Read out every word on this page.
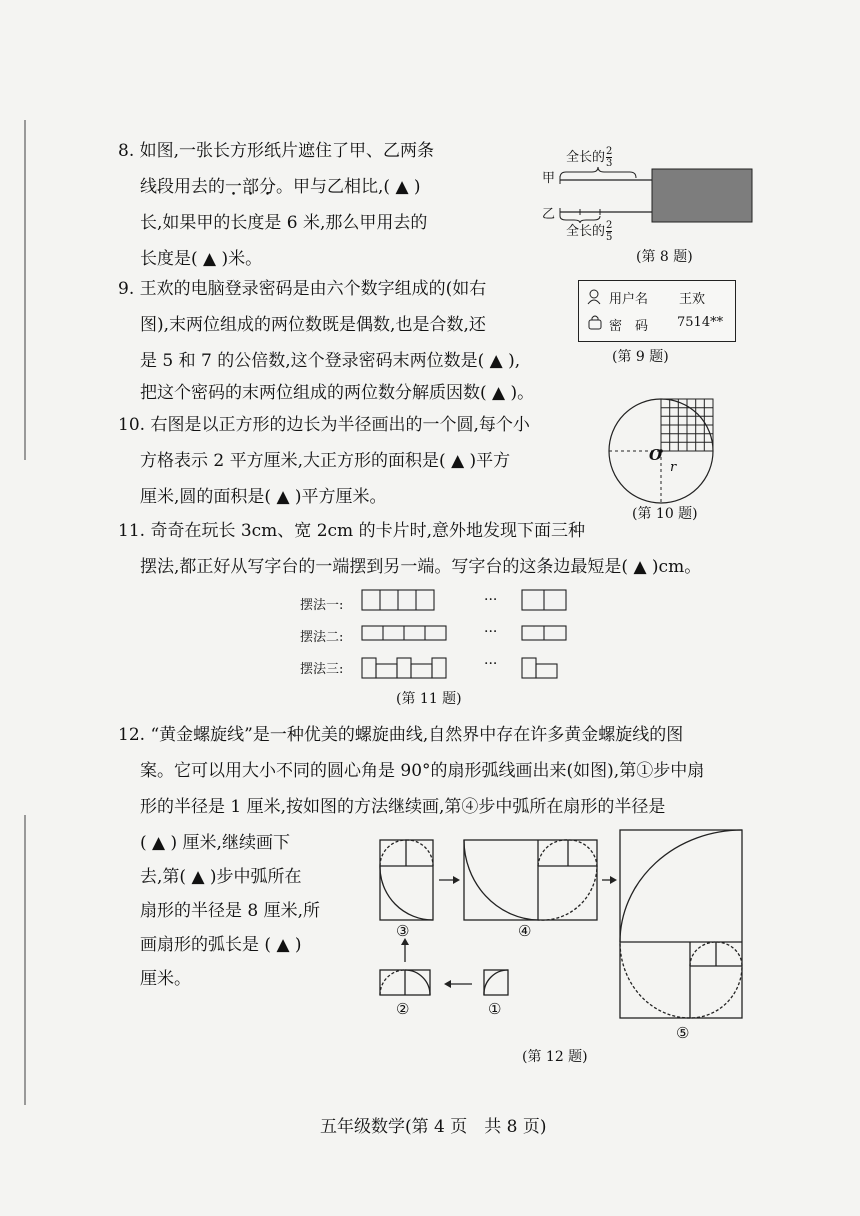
8. 如图,一张长方形纸片遮住了甲、乙两条
线段用去的一部分。甲与乙相比,( ▲ )
长,如果甲的长度是 6 米,那么甲用去的
长度是( ▲ )米。
全长的 $\frac{2}{3}$
甲
乙
全长的 $\frac{2}{5}$
(第 8 题)
9. 王欢的电脑登录密码是由六个数字组成的(如右
图),末两位组成的两位数既是偶数,也是合数,还
是 5 和 7 的公倍数,这个登录密码末两位数是( ▲ ),
把这个密码的末两位组成的两位数分解质因数( ▲ )。
用户名 王欢
密　码 7514**
(第 9 题)
10. 右图是以正方形的边长为半径画出的一个圆,每个小
方格表示 2 平方厘米,大正方形的面积是( ▲ )平方
厘米,圆的面积是( ▲ )平方厘米。
O
r
(第 10 题)
11. 奇奇在玩长 3cm、宽 2cm 的卡片时,意外地发现下面三种
摆法,都正好从写字台的一端摆到另一端。写字台的这条边最短是( ▲ )cm。
摆法一:
摆法二:
摆法三:
···
···
···
(第 11 题)
12. “黄金螺旋线”是一种优美的螺旋曲线,自然界中存在许多黄金螺旋线的图
案。它可以用大小不同的圆心角是 90°的扇形弧线画出来(如图),第①步中扇
形的半径是 1 厘米,按如图的方法继续画,第④步中弧所在扇形的半径是
( ▲ ) 厘米,继续画下
去,第( ▲ )步中弧所在
扇形的半径是 8 厘米,所
画扇形的弧长是 ( ▲ )
厘米。
③	④
②	①
⑤
(第 12 题)
五年级数学(第 4 页　共 8 页)
